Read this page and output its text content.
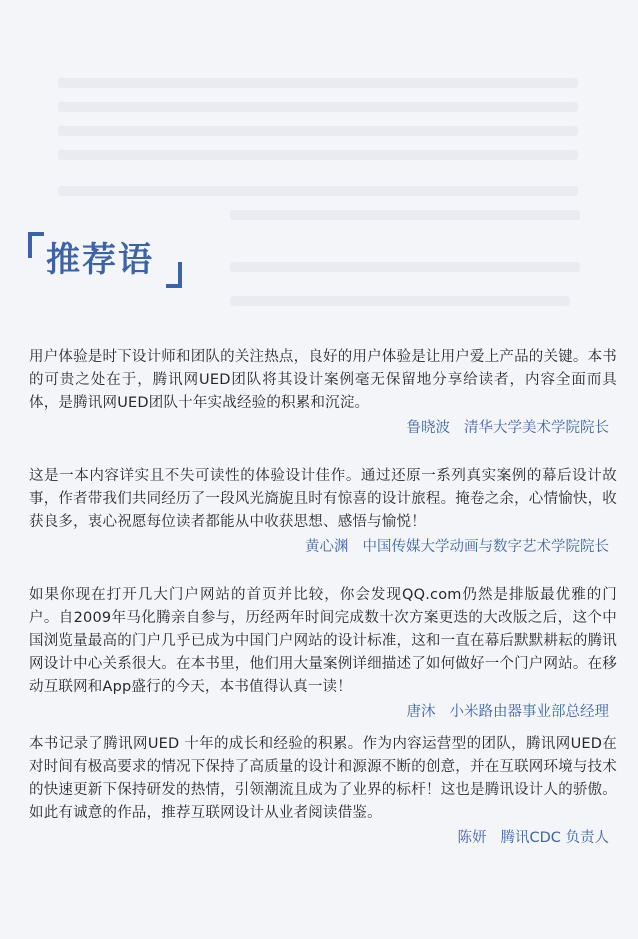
推荐语

用户体验是时下设计师和团队的关注热点，良好的用户体验是让用户爱上产品的关键。本书的可贵之处在于，腾讯网UED团队将其设计案例毫无保留地分享给读者，内容全面而具体，是腾讯网UED团队十年实战经验的积累和沉淀。

鲁晓波 清华大学美术学院院长

这是一本内容详实且不失可读性的体验设计佳作。通过还原一系列真实案例的幕后设计故事，作者带我们共同经历了一段风光旖旎且时有惊喜的设计旅程。掩卷之余，心情愉快，收获良多，衷心祝愿每位读者都能从中收获思想、感悟与愉悦！

黄心渊 中国传媒大学动画与数字艺术学院院长

如果你现在打开几大门户网站的首页并比较，你会发现QQ.com仍然是排版最优雅的门户。自2009年马化腾亲自参与，历经两年时间完成数十次方案更迭的大改版之后，这个中国浏览量最高的门户几乎已成为中国门户网站的设计标准，这和一直在幕后默默耕耘的腾讯网设计中心关系很大。在本书里，他们用大量案例详细描述了如何做好一个门户网站。在移动互联网和App盛行的今天，本书值得认真一读！

唐沐 小米路由器事业部总经理

本书记录了腾讯网UED 十年的成长和经验的积累。作为内容运营型的团队，腾讯网UED在对时间有极高要求的情况下保持了高质量的设计和源源不断的创意，并在互联网环境与技术的快速更新下保持研发的热情，引领潮流且成为了业界的标杆！这也是腾讯设计人的骄傲。如此有诚意的作品，推荐互联网设计从业者阅读借鉴。

陈妍 腾讯CDC 负责人
